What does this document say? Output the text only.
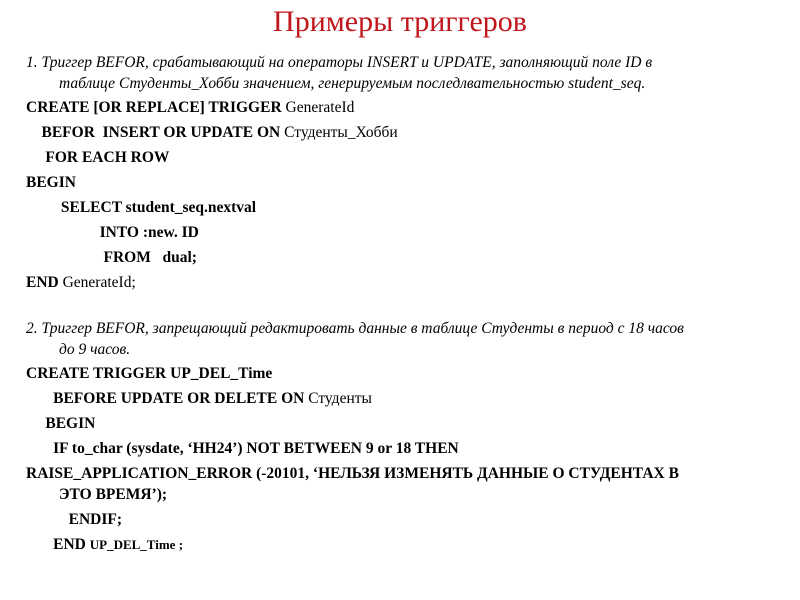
Примеры триггеров

1. Триггер BEFOR, срабатывающий на операторы INSERT и UPDATE, заполняющий поле ID в
таблице Студенты_Хобби значением, генерируемым последлвательностью student_seq.

CREATE [OR REPLACE] TRIGGER GenerateId
BEFOR  INSERT OR UPDATE ON Студенты_Хобби
FOR EACH ROW
BEGIN
SELECT student_seq.nextval
INTO :new. ID
FROM   dual;
END GenerateId;

2. Триггер BEFOR, запрещающий редактировать данные в таблице Студенты в период с 18 часов
до 9 часов.

CREATE TRIGGER UP_DEL_Time
BEFORE UPDATE OR DELETE ON Студенты
BEGIN
IF to_char (sysdate, ‘HH24’) NOT BETWEEN 9 or 18 THEN
RAISE_APPLICATION_ERROR (-20101, ‘НЕЛЬЗЯ ИЗМЕНЯТЬ ДАННЫЕ О СТУДЕНТАХ В
ЭТО ВРЕМЯ’);
ENDIF;
END UP_DEL_Time ;
